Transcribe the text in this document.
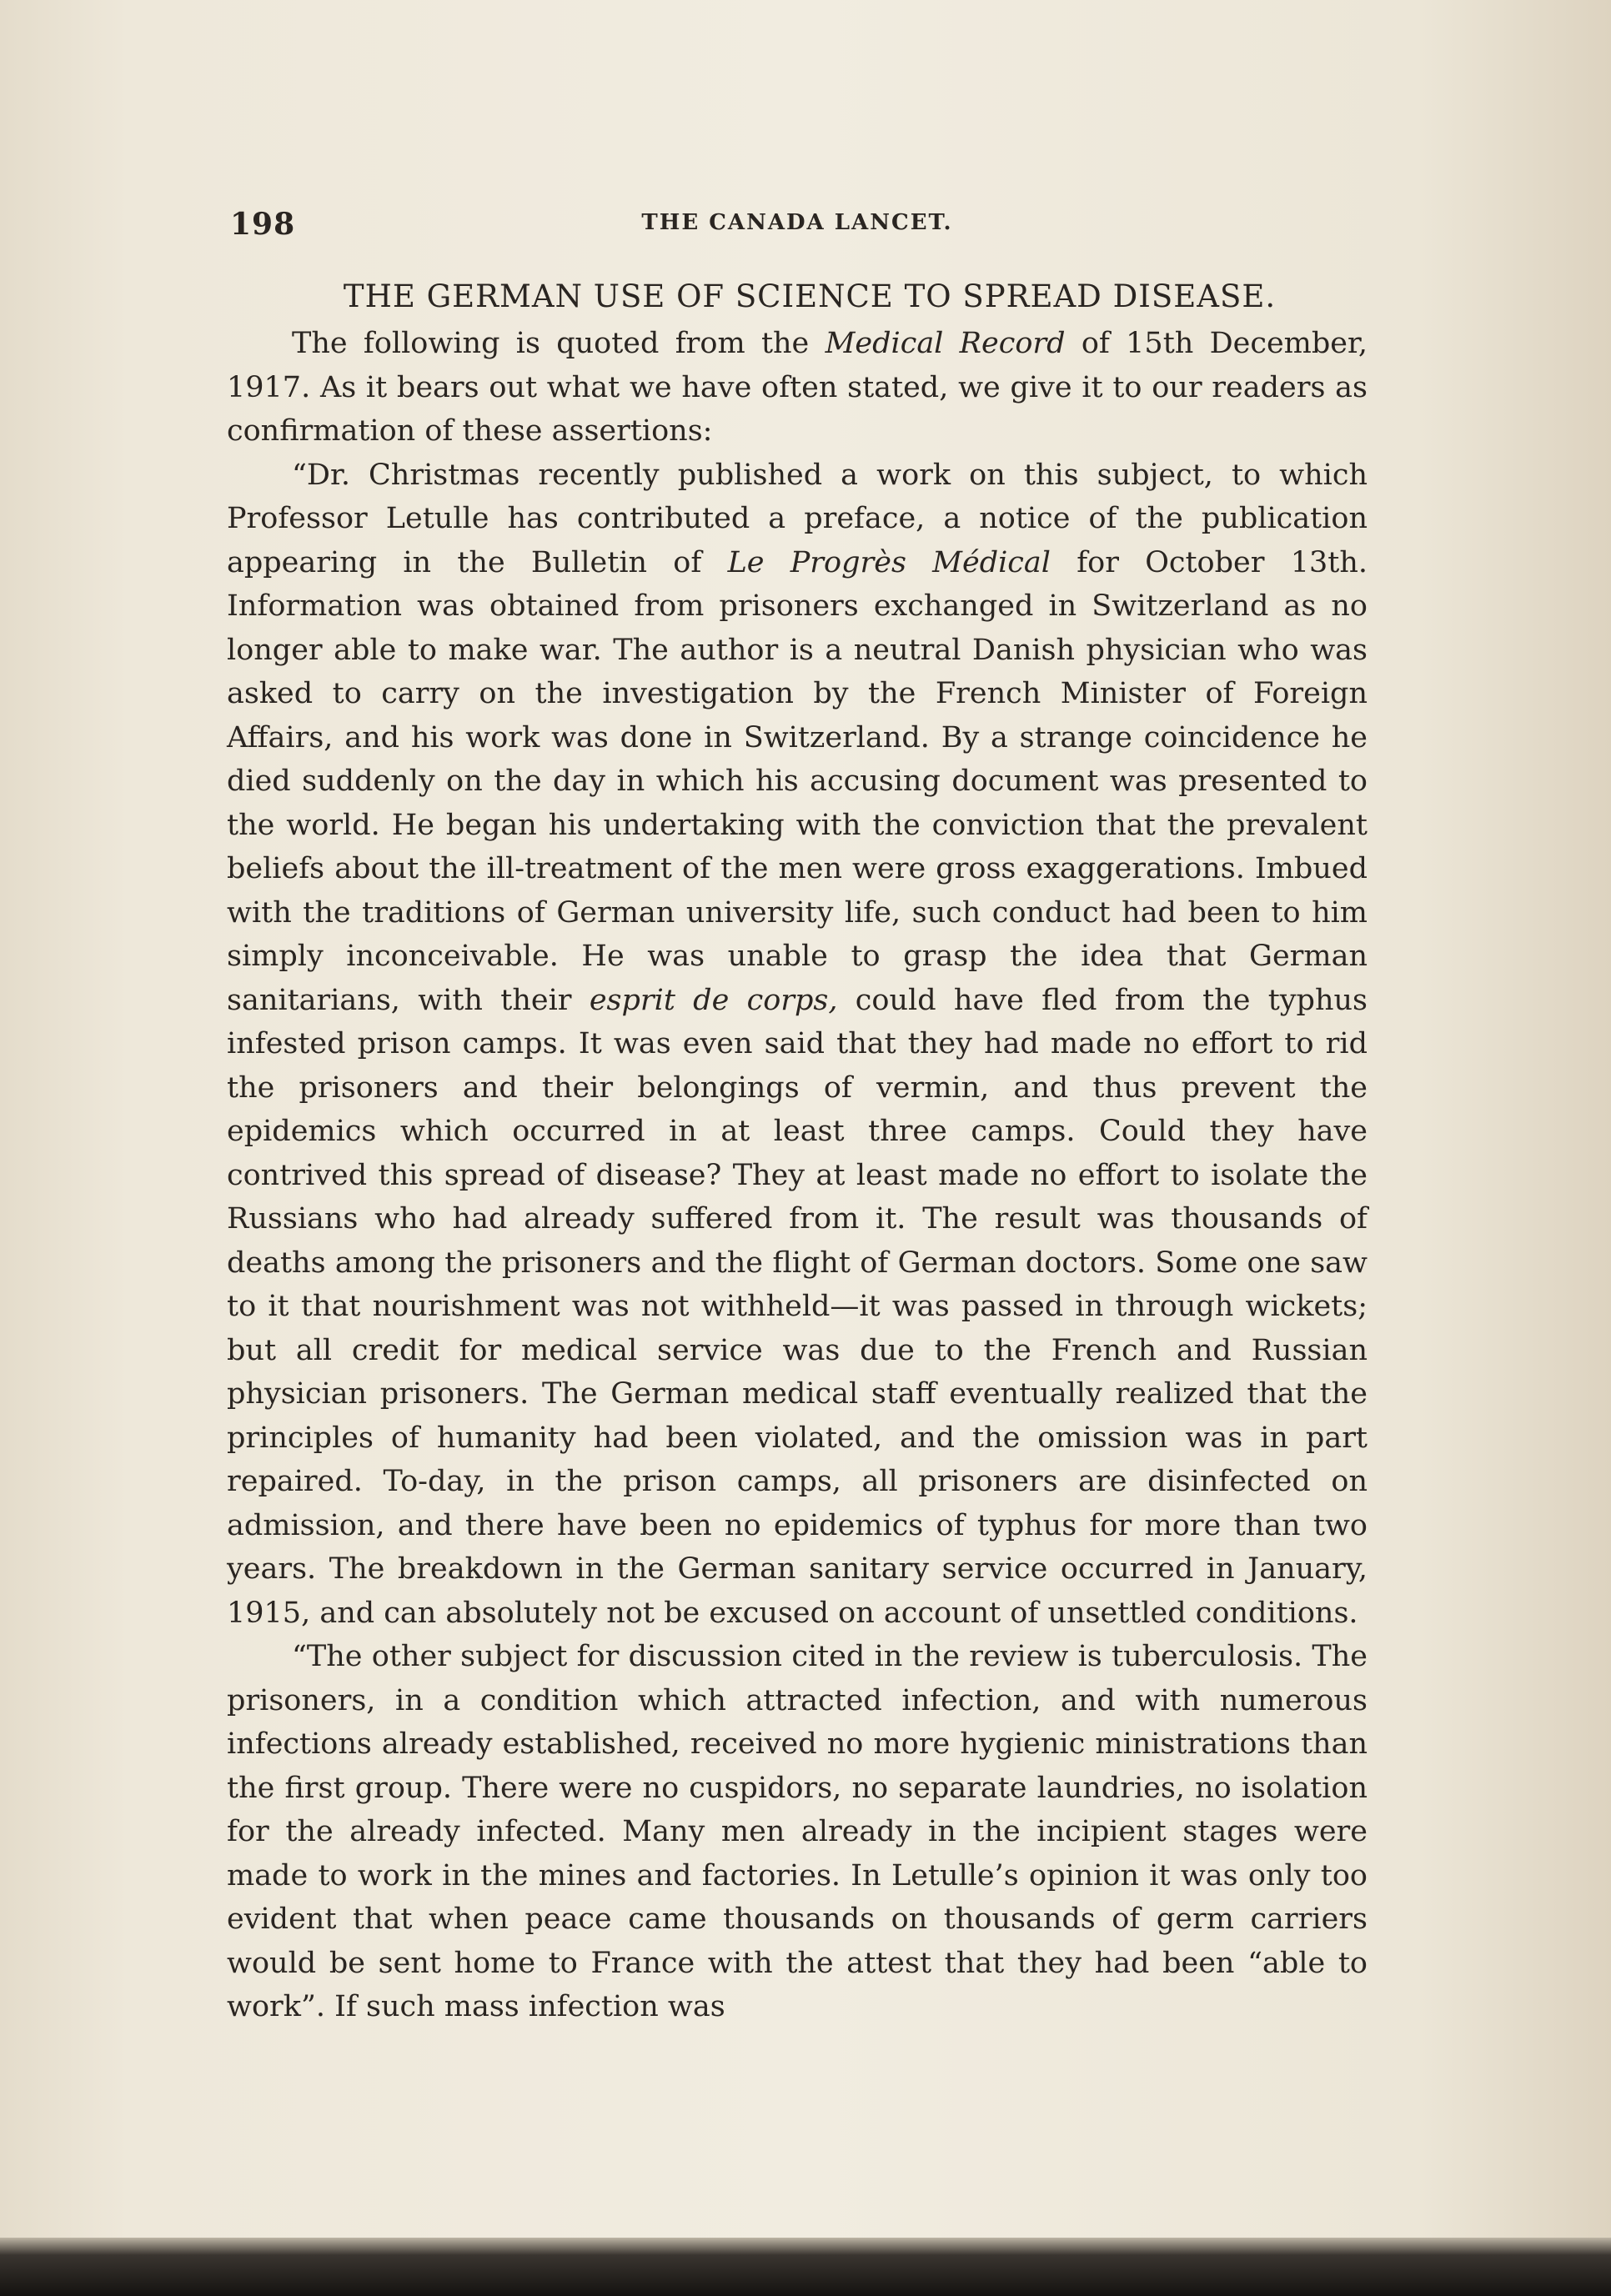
198	THE CANADA LANCET.
THE GERMAN USE OF SCIENCE TO SPREAD DISEASE.

The following is quoted from the Medical Record of 15th December, 1917. As it bears out what we have often stated, we give it to our readers as confirmation of these assertions:

“Dr. Christmas recently published a work on this subject, to which Professor Letulle has contributed a preface, a notice of the publication appearing in the Bulletin of Le Progrès Médical for October 13th. Information was obtained from prisoners exchanged in Switzerland as no longer able to make war. The author is a neutral Danish physician who was asked to carry on the investigation by the French Minister of Foreign Affairs, and his work was done in Switzerland. By a strange coincidence he died suddenly on the day in which his accusing document was presented to the world. He began his undertaking with the conviction that the prevalent beliefs about the ill-treatment of the men were gross exaggerations. Imbued with the traditions of German university life, such conduct had been to him simply inconceivable. He was unable to grasp the idea that German sanitarians, with their esprit de corps, could have fled from the typhus infested prison camps. It was even said that they had made no effort to rid the prisoners and their belongings of vermin, and thus prevent the epidemics which occurred in at least three camps. Could they have contrived this spread of disease? They at least made no effort to isolate the Russians who had already suffered from it. The result was thousands of deaths among the prisoners and the flight of German doctors. Some one saw to it that nourishment was not withheld—it was passed in through wickets; but all credit for medical service was due to the French and Russian physician prisoners. The German medical staff eventually realized that the principles of humanity had been violated, and the omission was in part repaired. To-day, in the prison camps, all prisoners are disinfected on admission, and there have been no epidemics of typhus for more than two years. The breakdown in the German sanitary service occurred in January, 1915, and can absolutely not be excused on account of unsettled conditions.

“The other subject for discussion cited in the review is tuberculosis. The prisoners, in a condition which attracted infection, and with numerous infections already established, received no more hygienic ministrations than the first group. There were no cuspidors, no separate laundries, no isolation for the already infected. Many men already in the incipient stages were made to work in the mines and factories. In Letulle’s opinion it was only too evident that when peace came thousands on thousands of germ carriers would be sent home to France with the attest that they had been “able to work”. If such mass infection was
